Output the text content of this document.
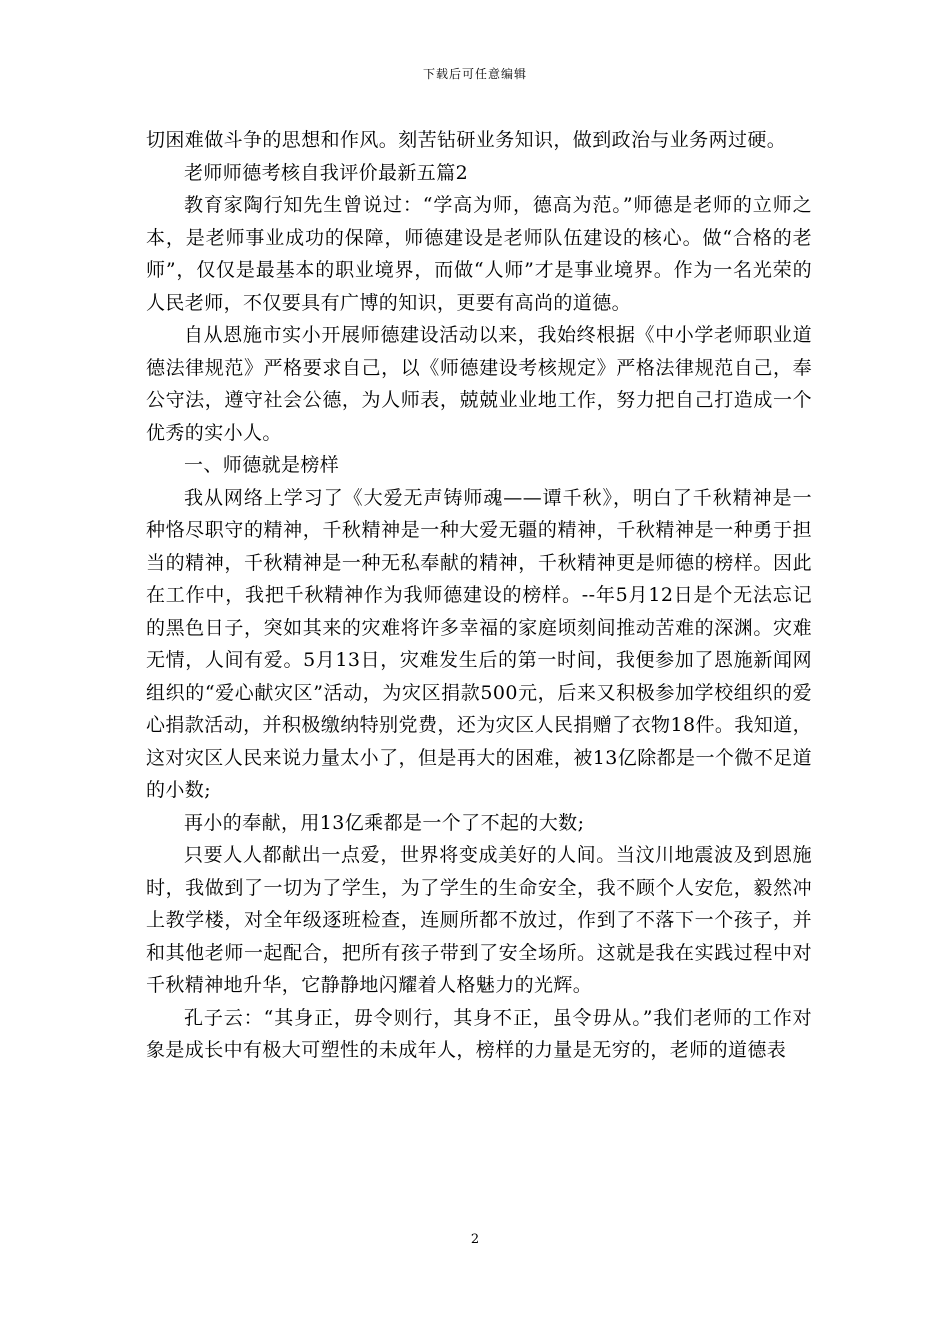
下载后可任意编辑

切困难做斗争的思想和作风。刻苦钻研业务知识，做到政治与业务两过硬。

老师师德考核自我评价最新五篇2

教育家陶行知先生曾说过：“学高为师，德高为范。”师德是老师的立师之本，是老师事业成功的保障，师德建设是老师队伍建设的核心。做“合格的老师”，仅仅是最基本的职业境界，而做“人师”才是事业境界。作为一名光荣的人民老师，不仅要具有广博的知识，更要有高尚的道德。

自从恩施市实小开展师德建设活动以来，我始终根据《中小学老师职业道德法律规范》严格要求自己，以《师德建设考核规定》严格法律规范自己，奉公守法，遵守社会公德，为人师表，兢兢业业地工作，努力把自己打造成一个优秀的实小人。

一、师德就是榜样

我从网络上学习了《大爱无声铸师魂——谭千秋》，明白了千秋精神是一种恪尽职守的精神，千秋精神是一种大爱无疆的精神，千秋精神是一种勇于担当的精神，千秋精神是一种无私奉献的精神，千秋精神更是师德的榜样。因此在工作中，我把千秋精神作为我师德建设的榜样。--年5月12日是个无法忘记的黑色日子，突如其来的灾难将许多幸福的家庭顷刻间推动苦难的深渊。灾难无情，人间有爱。5月13日，灾难发生后的第一时间，我便参加了恩施新闻网组织的“爱心献灾区”活动，为灾区捐款500元，后来又积极参加学校组织的爱心捐款活动，并积极缴纳特别党费，还为灾区人民捐赠了衣物18件。我知道，这对灾区人民来说力量太小了，但是再大的困难，被13亿除都是一个微不足道的小数;

再小的奉献，用13亿乘都是一个了不起的大数;

只要人人都献出一点爱，世界将变成美好的人间。当汶川地震波及到恩施时，我做到了一切为了学生，为了学生的生命安全，我不顾个人安危，毅然冲上教学楼，对全年级逐班检查，连厕所都不放过，作到了不落下一个孩子，并和其他老师一起配合，把所有孩子带到了安全场所。这就是我在实践过程中对千秋精神地升华，它静静地闪耀着人格魅力的光辉。

孔子云：“其身正，毋令则行，其身不正，虽令毋从。”我们老师的工作对象是成长中有极大可塑性的未成年人，榜样的力量是无穷的，老师的道德表

2
